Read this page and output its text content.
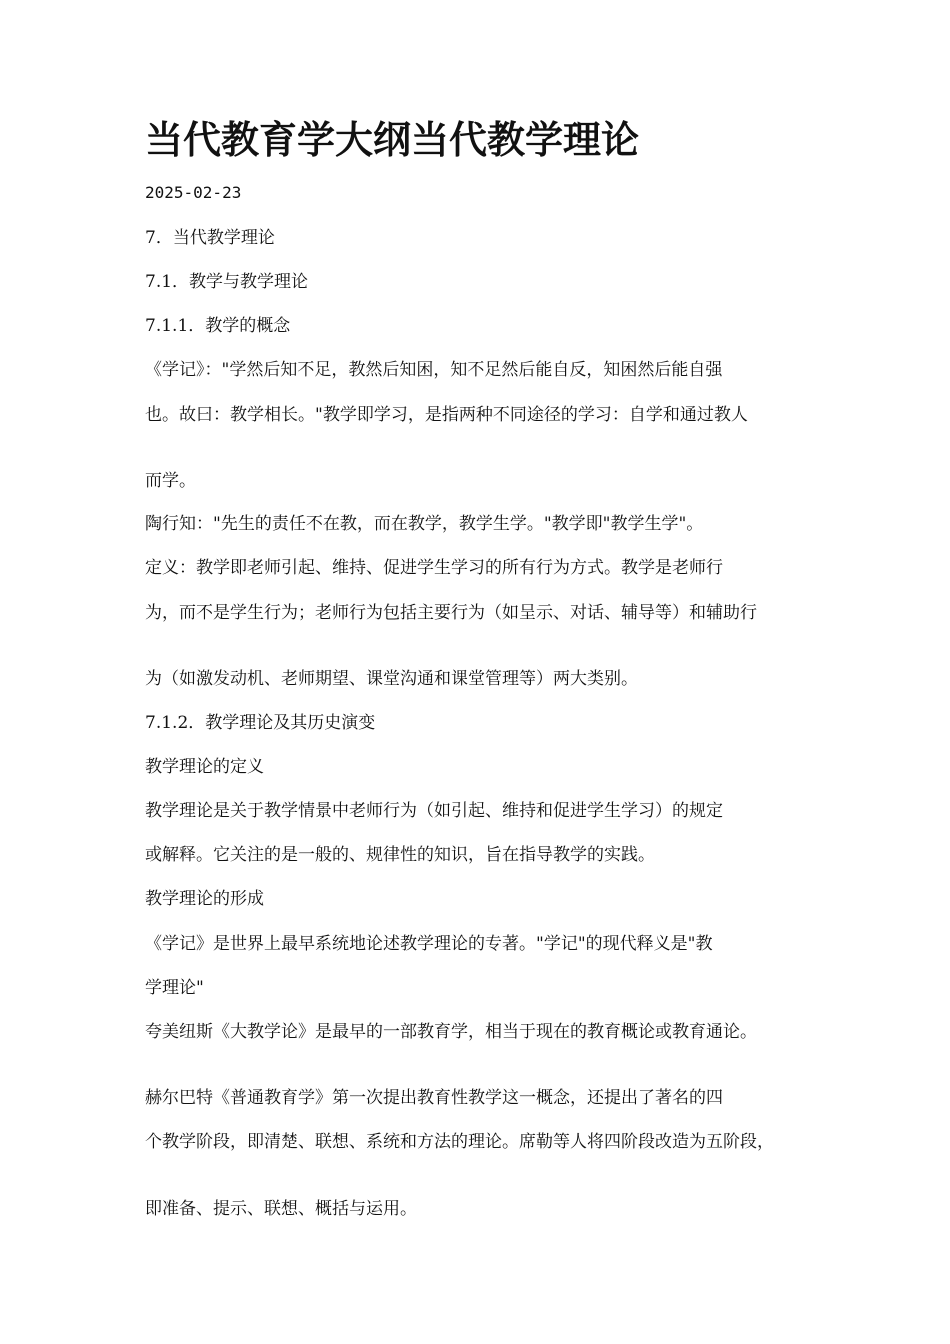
当代教育学大纲当代教学理论
2025-02-23

7．当代教学理论

7.1．教学与教学理论

7.1.1．教学的概念

《学记》："学然后知不足，教然后知困，知不足然后能自反，知困然后能自强

也。故曰：教学相长。"教学即学习，是指两种不同途径的学习：自学和通过教人

而学。

陶行知："先生的责任不在教，而在教学，教学生学。"教学即"教学生学"。

定义：教学即老师引起、维持、促进学生学习的所有行为方式。教学是老师行

为，而不是学生行为；老师行为包括主要行为（如呈示、对话、辅导等）和辅助行

为（如激发动机、老师期望、课堂沟通和课堂管理等）两大类别。

7.1.2．教学理论及其历史演变

教学理论的定义

教学理论是关于教学情景中老师行为（如引起、维持和促进学生学习）的规定

或解释。它关注的是一般的、规律性的知识，旨在指导教学的实践。

教学理论的形成

《学记》是世界上最早系统地论述教学理论的专著。"学记"的现代释义是"教

学理论"

夸美纽斯《大教学论》是最早的一部教育学，相当于现在的教育概论或教育通论。

赫尔巴特《普通教育学》第一次提出教育性教学这一概念，还提出了著名的四

个教学阶段，即清楚、联想、系统和方法的理论。席勒等人将四阶段改造为五阶段，

即准备、提示、联想、概括与运用。
